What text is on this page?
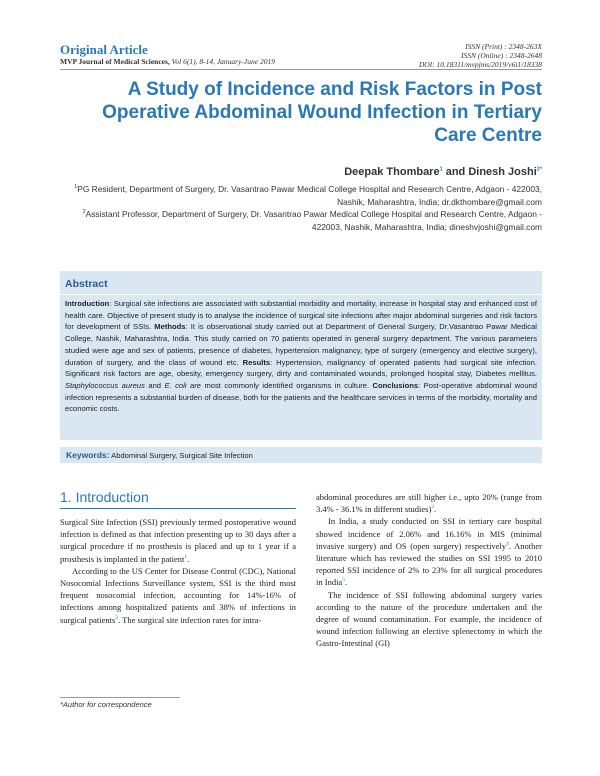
Original Article
MVP Journal of Medical Sciences, Vol 6(1), 8-14, January-June 2019
ISSN (Print) : 2348-263X
ISSN (Online) : 2348-2648
DOI: 10.18311/mvpjms/2019/v6i1/18338
A Study of Incidence and Risk Factors in Post Operative Abdominal Wound Infection in Tertiary Care Centre
Deepak Thombare$^1$ and Dinesh Joshi$^{2*}$
$^1$PG Resident, Department of Surgery, Dr. Vasantrao Pawar Medical College Hospital and Research Centre, Adgaon - 422003, Nashik, Maharashtra, India; dr.dkthombare@gmail.com
$^2$Assistant Professor, Department of Surgery, Dr. Vasantrao Pawar Medical College Hospital and Research Centre, Adgaon - 422003, Nashik, Maharashtra, India; dineshvjoshi@gmail.com
Abstract
Introduction: Surgical site infections are associated with substantial morbidity and mortality, increase in hospital stay and enhanced cost of health care. Objective of present study is to analyse the incidence of surgical site infections after major abdominal surgeries and risk factors for development of SSIs. Methods: It is observational study carried out at Department of General Surgery, Dr.Vasantrao Pawar Medical College, Nashik, Maharashtra, India. This study carried on 70 patients operated in general surgery department. The various parameters studied were age and sex of patients, presence of diabetes, hypertension malignancy, type of surgery (emergency and elective surgery), duration of surgery, and the class of wound etc. Results: Hypertension, malignancy of operated patients had surgical site infection. Significant risk factors are age, obesity, emergency surgery, dirty and contaminated wounds, prolonged hospital stay, Diabetes mellitus. Staphylococcus aureus and E. coli are most commonly identified organisms in culture. Conclusions: Post-operative abdominal wound infection represents a substantial burden of disease, both for the patients and the healthcare services in terms of the morbidity, mortality and economic costs.
Keywords: Abdominal Surgery, Surgical Site Infection
1. Introduction

Surgical Site Infection (SSI) previously termed postoperative wound infection is defined as that infection presenting up to 30 days after a surgical procedure if no prosthesis is placed and up to 1 year if a prosthesis is implanted in the patient$^1$.

According to the US Center for Disease Control (CDC), National Nosocomial Infections Surveillance system, SSI is the third most frequent nosocomial infection, accounting for 14%-16% of infections among hospitalized patients and 38% of infections in surgical patients$^2$. The surgical site infection rates for intra-

abdominal procedures are still higher i.e., upto 20% (range from 3.4% - 36.1% in different studies)$^3$.

In India, a study conducted on SSI in tertiary care hospital showed incidence of 2.06% and 16.16% in MIS (minimal invasive surgery) and OS (open surgery) respectively$^4$. Another literature which has reviewed the studies on SSI 1995 to 2010 reported SSI incidence of 2% to 23% for all surgical procedures in India$^5$.

The incidence of SSI following abdominal surgery varies according to the nature of the procedure undertaken and the degree of wound contamination. For example, the incidence of wound infection following an elective splenectomy in which the Gastro-Intestinal (GI)

*Author for correspondence
